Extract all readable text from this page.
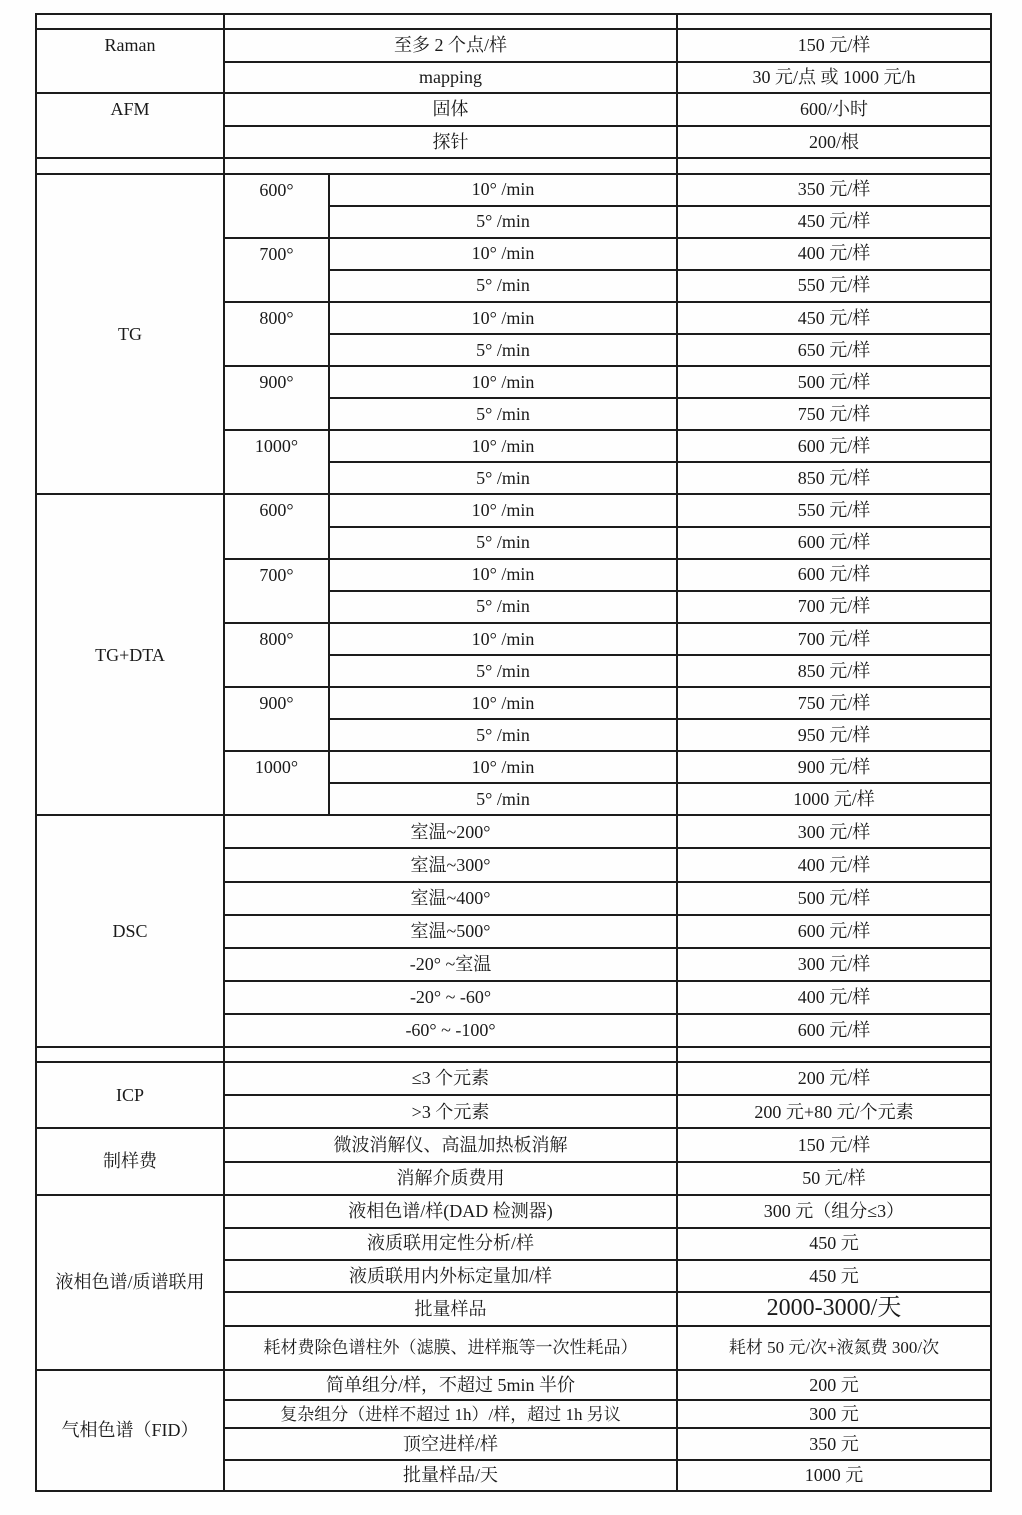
Raman	至多 2 个点/样		150 元/样
	mapping		30 元/点 或 1000 元/h
AFM	固体		600/小时
	探针		200/根

TG	600°	10° /min	350 元/样
		5° /min	450 元/样
	700°	10° /min	400 元/样
		5° /min	550 元/样
	800°	10° /min	450 元/样
		5° /min	650 元/样
	900°	10° /min	500 元/样
		5° /min	750 元/样
	1000°	10° /min	600 元/样
		5° /min	850 元/样
TG+DTA	600°	10° /min	550 元/样
		5° /min	600 元/样
	700°	10° /min	600 元/样
		5° /min	700 元/样
	800°	10° /min	700 元/样
		5° /min	850 元/样
	900°	10° /min	750 元/样
		5° /min	950 元/样
	1000°	10° /min	900 元/样
		5° /min	1000 元/样
DSC	室温~200°		300 元/样
	室温~300°		400 元/样
	室温~400°		500 元/样
	室温~500°		600 元/样
	-20° ~室温		300 元/样
	-20° ~ -60°		400 元/样
	-60° ~ -100°		600 元/样

ICP	≤3 个元素		200 元/样
	>3 个元素		200 元+80 元/个元素
制样费	微波消解仪、高温加热板消解		150 元/样
	消解介质费用		50 元/样
液相色谱/质谱联用	液相色谱/样(DAD 检测器)		300 元（组分≤3）
	液质联用定性分析/样		450 元
	液质联用内外标定量加/样		450 元
	批量样品		2000-3000/天
	耗材费除色谱柱外（滤膜、进样瓶等一次性耗品）		耗材 50 元/次+液氮费 300/次
气相色谱（FID）	简单组分/样，不超过 5min 半价		200 元
	复杂组分（进样不超过 1h）/样，超过 1h 另议		300 元
	顶空进样/样		350 元
	批量样品/天		1000 元
